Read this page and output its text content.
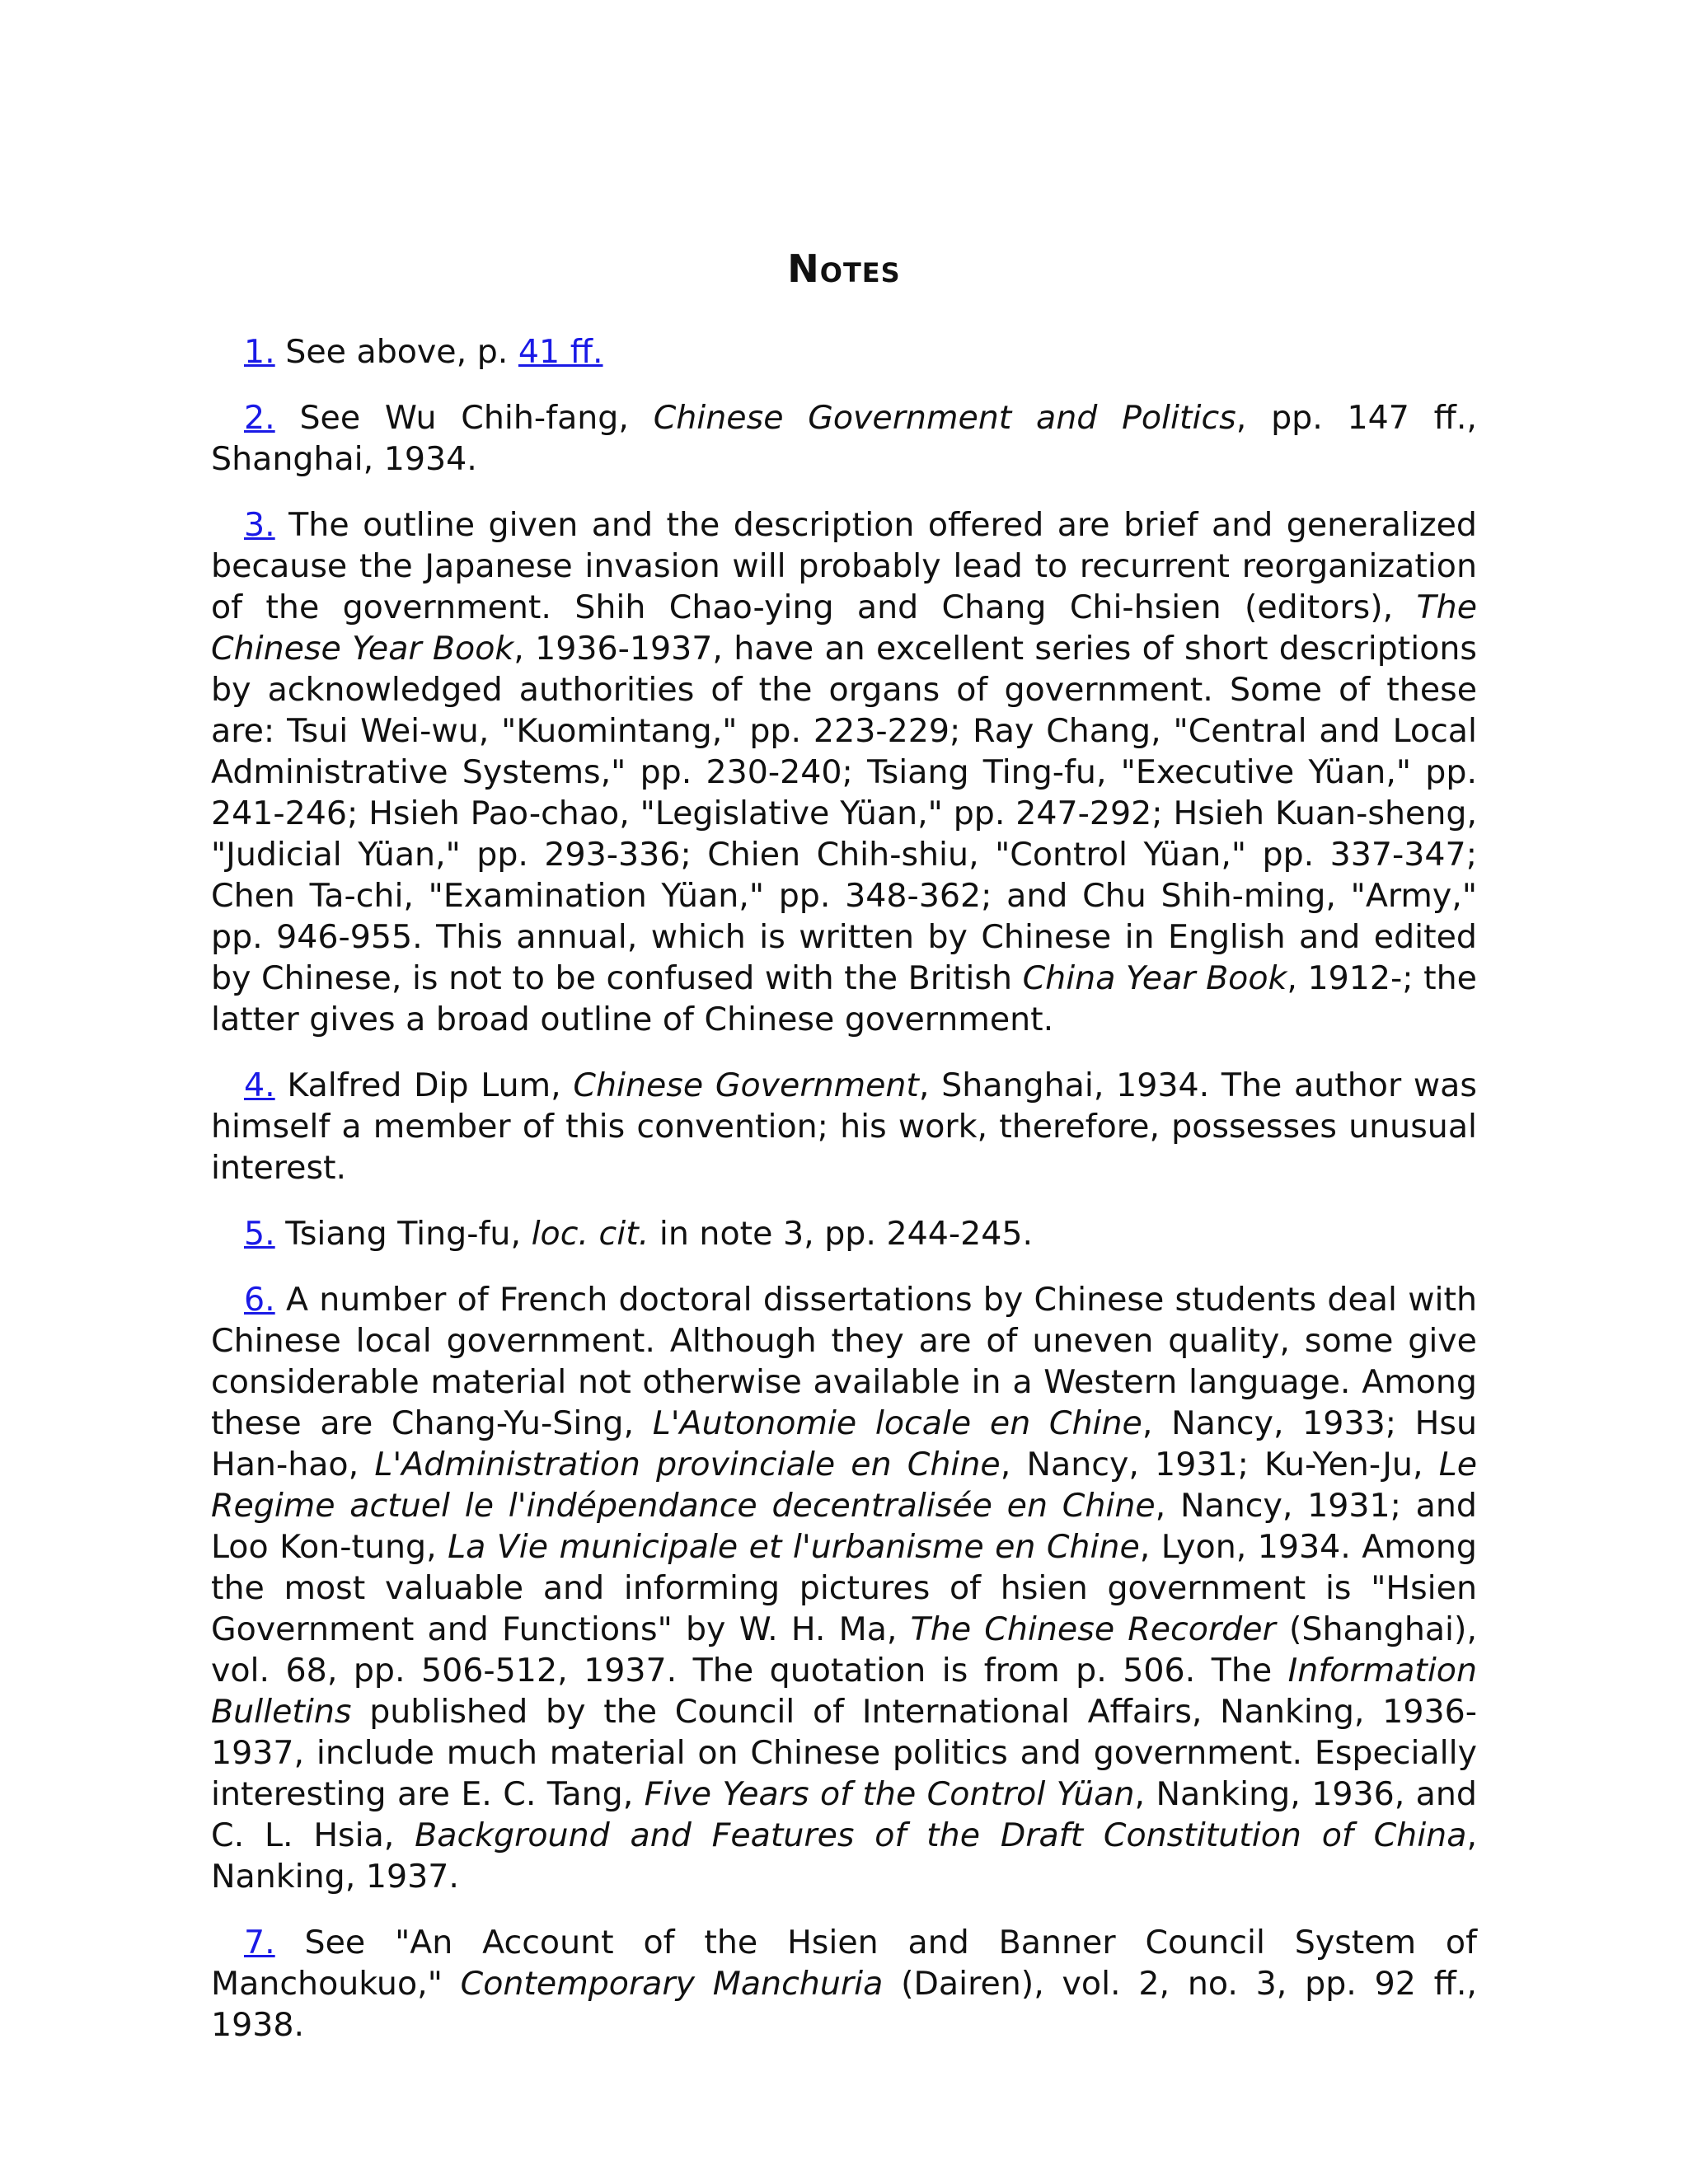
Notes

1. See above, p. 41 ff.

2. See Wu Chih-fang, Chinese Government and Politics, pp. 147 ff., Shanghai, 1934.

3. The outline given and the description offered are brief and generalized because the Japanese invasion will probably lead to recurrent reorganization of the government. Shih Chao-ying and Chang Chi-hsien (editors), The Chinese Year Book, 1936-1937, have an excellent series of short descriptions by acknowledged authorities of the organs of government. Some of these are: Tsui Wei-wu, "Kuomintang," pp. 223-229; Ray Chang, "Central and Local Administrative Systems," pp. 230-240; Tsiang Ting-fu, "Executive Yüan," pp. 241-246; Hsieh Pao-chao, "Legislative Yüan," pp. 247-292; Hsieh Kuan-sheng, "Judicial Yüan," pp. 293-336; Chien Chih-shiu, "Control Yüan," pp. 337-347; Chen Ta-chi, "Examination Yüan," pp. 348-362; and Chu Shih-ming, "Army," pp. 946-955. This annual, which is written by Chinese in English and edited by Chinese, is not to be confused with the British China Year Book, 1912-; the latter gives a broad outline of Chinese government.

4. Kalfred Dip Lum, Chinese Government, Shanghai, 1934. The author was himself a member of this convention; his work, therefore, possesses unusual interest.

5. Tsiang Ting-fu, loc. cit. in note 3, pp. 244-245.

6. A number of French doctoral dissertations by Chinese students deal with Chinese local government. Although they are of uneven quality, some give considerable material not otherwise available in a Western language. Among these are Chang-Yu-Sing, L'Autonomie locale en Chine, Nancy, 1933; Hsu Han-hao, L'Administration provinciale en Chine, Nancy, 1931; Ku-Yen-Ju, Le Regime actuel le l'indépendance decentralisée en Chine, Nancy, 1931; and Loo Kon-tung, La Vie municipale et l'urbanisme en Chine, Lyon, 1934. Among the most valuable and informing pictures of hsien government is "Hsien Government and Functions" by W. H. Ma, The Chinese Recorder (Shanghai), vol. 68, pp. 506-512, 1937. The quotation is from p. 506. The Information Bulletins published by the Council of International Affairs, Nanking, 1936-1937, include much material on Chinese politics and government. Especially interesting are E. C. Tang, Five Years of the Control Yüan, Nanking, 1936, and C. L. Hsia, Background and Features of the Draft Constitution of China, Nanking, 1937.

7. See "An Account of the Hsien and Banner Council System of Manchoukuo," Contemporary Manchuria (Dairen), vol. 2, no. 3, pp. 92 ff., 1938.
